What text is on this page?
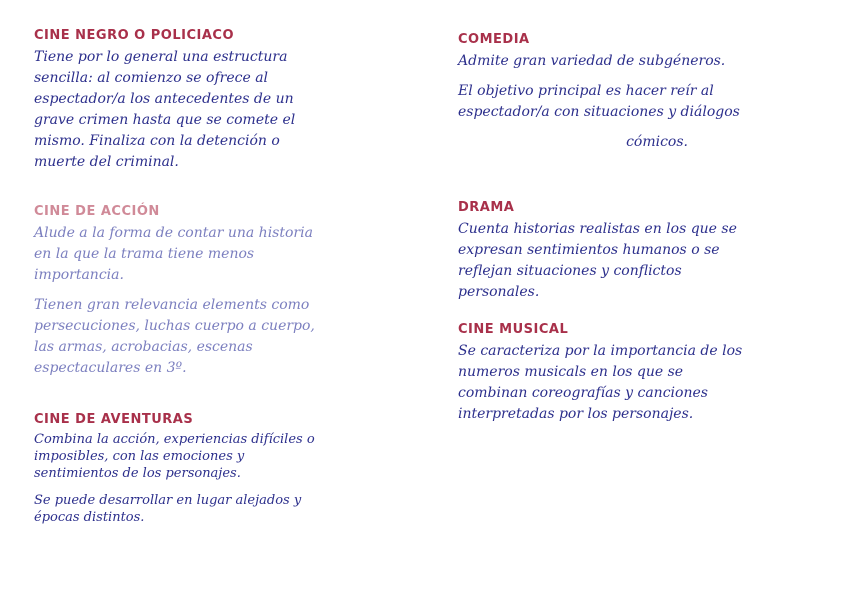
CINE NEGRO O POLICIACO

Tiene por lo general una estructura sencilla: al comienzo se ofrece al espectador/a los antecedentes de un grave crimen hasta que se comete el mismo. Finaliza con la detención o muerte del criminal.

CINE DE ACCIÓN

Alude a la forma de contar una historia en la que la trama tiene menos importancia.

Tienen gran relevancia elements como persecuciones, luchas cuerpo a cuerpo, las armas, acrobacias, escenas espectaculares en 3º.

CINE DE AVENTURAS

Combina la acción, experiencias difíciles o imposibles, con las emociones y sentimientos de los personajes.

Se puede desarrollar en lugar alejados y épocas distintos.

COMEDIA

Admite gran variedad de subgéneros.

El objetivo principal es hacer reír al espectador/a con situaciones y diálogos

cómicos.
DRAMA

Cuenta historias realistas en los que se expresan sentimientos humanos o se reflejan situaciones y conflictos personales.

CINE MUSICAL

Se caracteriza por la importancia de los numeros musicals en los que se combinan coreografías y canciones interpretadas por los personajes.
